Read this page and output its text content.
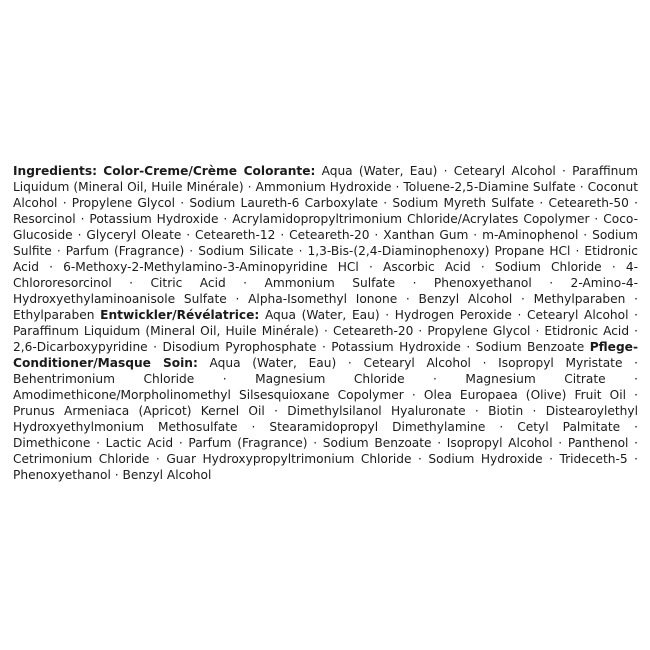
Ingredients: Color-Creme/Crème Colorante: Aqua (Water, Eau) · Cetearyl Alcohol · Paraffinum Liquidum (Mineral Oil, Huile Minérale) · Ammonium Hydroxide · Toluene-2,5-Diamine Sulfate · Coconut Alcohol · Propylene Glycol · Sodium Laureth-6 Carboxylate · Sodium Myreth Sulfate · Ceteareth-50 · Resorcinol · Potassium Hydroxide · Acrylamidopropyltrimonium Chloride/Acrylates Copolymer · Coco-Glucoside · Glyceryl Oleate · Ceteareth-12 · Ceteareth-20 · Xanthan Gum · m-Aminophenol · Sodium Sulfite · Parfum (Fragrance) · Sodium Silicate · 1,3-Bis-(2,4-Diaminophenoxy) Propane HCl · Etidronic Acid · 6-Methoxy-2-Methylamino-3-Aminopyridine HCl · Ascorbic Acid · Sodium Chloride · 4-Chlororesorcinol · Citric Acid · Ammonium Sulfate · Phenoxyethanol · 2-Amino-4-Hydroxyethylaminoanisole Sulfate · Alpha-Isomethyl Ionone · Benzyl Alcohol · Methylparaben · Ethylparaben Entwickler/Révélatrice: Aqua (Water, Eau) · Hydrogen Peroxide · Cetearyl Alcohol · Paraffinum Liquidum (Mineral Oil, Huile Minérale) · Ceteareth-20 · Propylene Glycol · Etidronic Acid · 2,6-Dicarboxypyridine · Disodium Pyrophosphate · Potassium Hydroxide · Sodium Benzoate Pflege-Conditioner/Masque Soin: Aqua (Water, Eau) · Cetearyl Alcohol · Isopropyl Myristate · Behentrimonium Chloride · Magnesium Chloride · Magnesium Citrate · Amodimethicone/Morpholinomethyl Silsesquioxane Copolymer · Olea Europaea (Olive) Fruit Oil · Prunus Armeniaca (Apricot) Kernel Oil · Dimethylsilanol Hyaluronate · Biotin · Distearoylethyl Hydroxyethylmonium Methosulfate · Stearamidopropyl Dimethylamine · Cetyl Palmitate · Dimethicone · Lactic Acid · Parfum (Fragrance) · Sodium Benzoate · Isopropyl Alcohol · Panthenol · Cetrimonium Chloride · Guar Hydroxypropyltrimonium Chloride · Sodium Hydroxide · Trideceth-5 · Phenoxyethanol · Benzyl Alcohol
